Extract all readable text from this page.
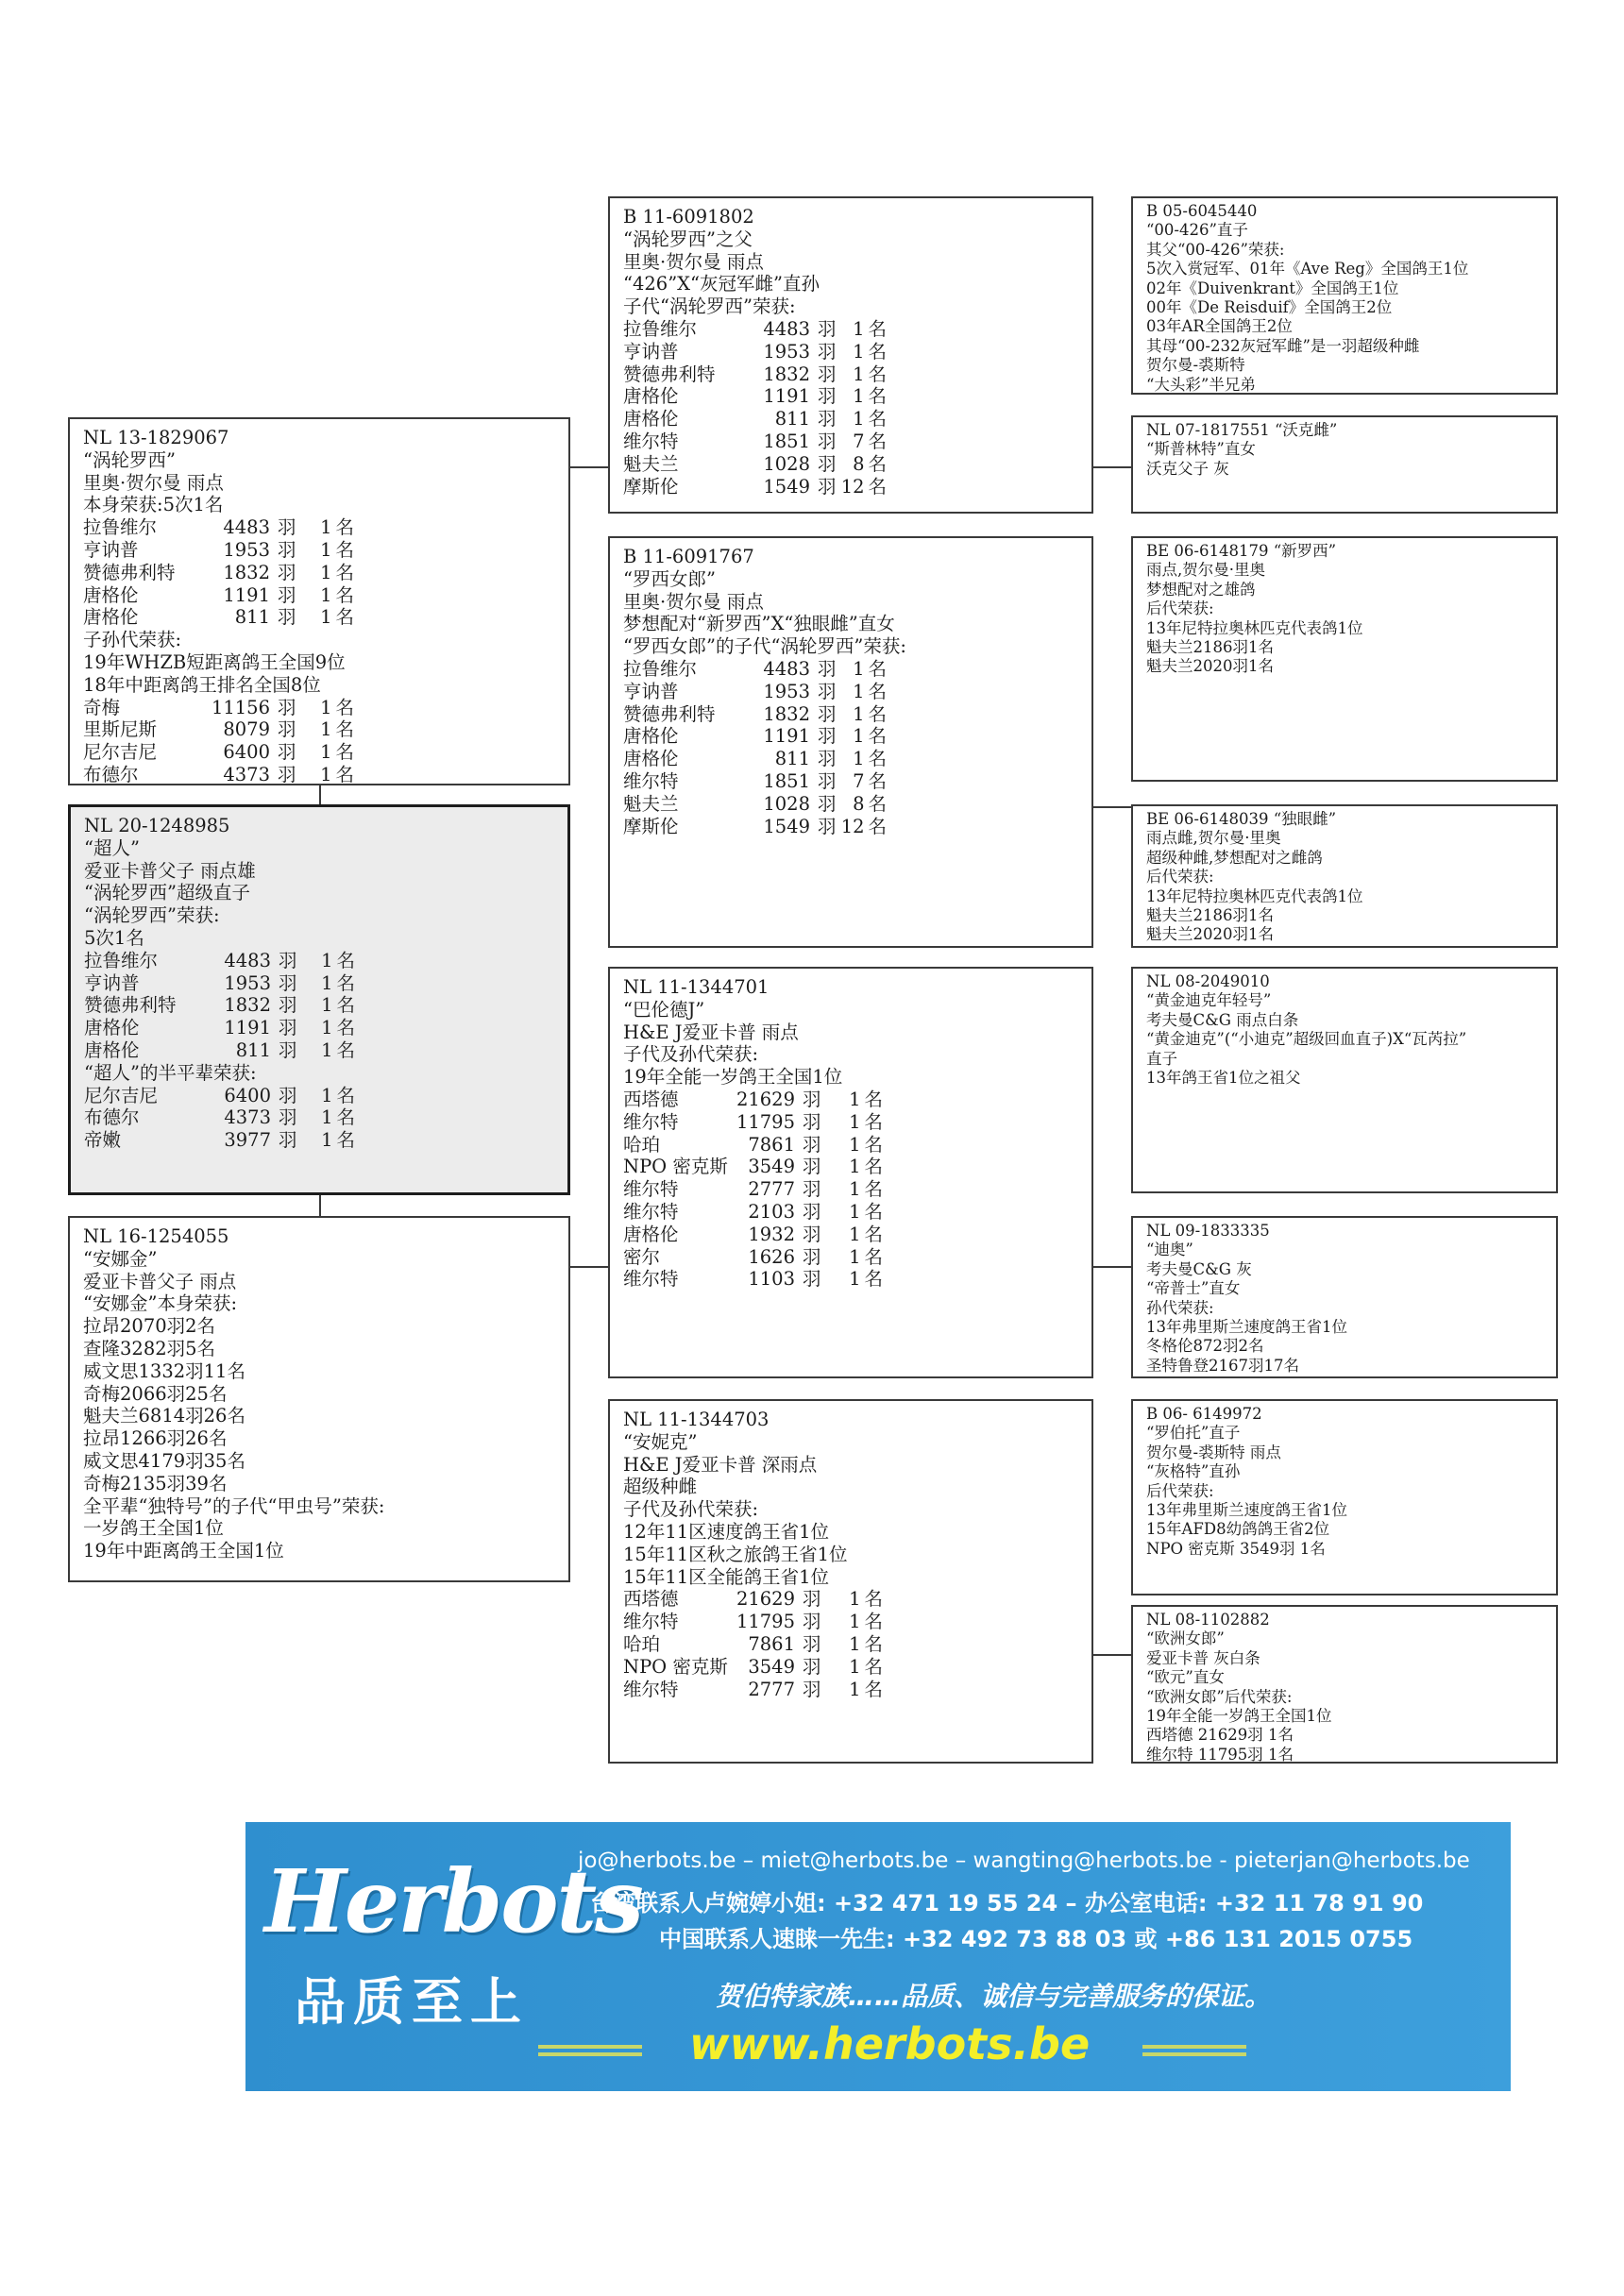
NL 13-1829067
“涡轮罗西”
里奥·贺尔曼 雨点
本身荣获:5次1名
拉鲁维尔	4483 羽	1 名
亨讷普	1953 羽	1 名
赞德弗利特	1832 羽	1 名
唐格伦	1191 羽	1 名
唐格伦	811 羽	1 名
子孙代荣获:
19年WHZB短距离鸽王全国9位
18年中距离鸽王排名全国8位
奇梅	11156 羽	1 名
里斯尼斯	8079 羽	1 名
尼尔吉尼	6400 羽	1 名
布德尔	4373 羽	1 名
NL 20-1248985
“超人”
爱亚卡普父子 雨点雄
“涡轮罗西”超级直子
“涡轮罗西”荣获:
5次1名
拉鲁维尔	4483 羽	1 名
亨讷普	1953 羽	1 名
赞德弗利特	1832 羽	1 名
唐格伦	1191 羽	1 名
唐格伦	811 羽	1 名
“超人”的半平辈荣获:
尼尔吉尼	6400 羽	1 名
布德尔	4373 羽	1 名
帝嫩	3977 羽	1 名
NL 16-1254055
“安娜金”
爱亚卡普父子 雨点
“安娜金”本身荣获:
拉昂2070羽2名
查隆3282羽5名
威文思1332羽11名
奇梅2066羽25名
魁夫兰6814羽26名
拉昂1266羽26名
威文思4179羽35名
奇梅2135羽39名
全平辈“独特号”的子代“甲虫号”荣获:
一岁鸽王全国1位
19年中距离鸽王全国1位
B 11-6091802
“涡轮罗西”之父
里奥·贺尔曼 雨点
“426”X“灰冠军雌”直孙
子代“涡轮罗西”荣获:
拉鲁维尔	4483 羽 1 名
亨讷普	1953 羽 1 名
赞德弗利特	1832 羽 1 名
唐格伦	1191 羽 1 名
唐格伦	811 羽 1 名
维尔特	1851 羽 7 名
魁夫兰	1028 羽 8 名
摩斯伦	1549 羽 12 名
B 11-6091767
“罗西女郎”
里奥·贺尔曼 雨点
梦想配对“新罗西”X“独眼雌”直女
“罗西女郎”的子代“涡轮罗西”荣获:
拉鲁维尔	4483 羽 1 名
亨讷普	1953 羽 1 名
赞德弗利特	1832 羽 1 名
唐格伦	1191 羽 1 名
唐格伦	811 羽 1 名
维尔特	1851 羽 7 名
魁夫兰	1028 羽 8 名
摩斯伦	1549 羽 12 名
NL 11-1344701
“巴伦德J”
H&E J爱亚卡普 雨点
子代及孙代荣获:
19年全能一岁鸽王全国1位
西塔德	21629 羽	1 名
维尔特	11795 羽	1 名
哈珀	7861 羽	1 名
NPO 密克斯	3549 羽	1 名
维尔特	2777 羽	1 名
维尔特	2103 羽	1 名
唐格伦	1932 羽	1 名
密尔	1626 羽	1 名
维尔特	1103 羽	1 名
NL 11-1344703
“安妮克”
H&E J爱亚卡普 深雨点
超级种雌
子代及孙代荣获:
12年11区速度鸽王省1位
15年11区秋之旅鸽王省1位
15年11区全能鸽王省1位
西塔德	21629 羽	1 名
维尔特	11795 羽	1 名
哈珀	7861 羽	1 名
NPO 密克斯	3549 羽	1 名
维尔特	2777 羽	1 名
B 05-6045440
“00-426”直子
其父“00-426”荣获:
5次入赏冠军、01年《Ave Reg》全国鸽王1位
02年《Duivenkrant》全国鸽王1位
00年《De Reisduif》全国鸽王2位
03年AR全国鸽王2位
其母“00-232灰冠军雌”是一羽超级种雌
贺尔曼-裘斯特
“大头彩”半兄弟
NL 07-1817551 “沃克雌”
“斯普林特”直女
沃克父子 灰
BE 06-6148179 “新罗西”
雨点,贺尔曼·里奥
梦想配对之雄鸽
后代荣获:
13年尼特拉奥林匹克代表鸽1位
魁夫兰2186羽1名
魁夫兰2020羽1名
BE 06-6148039 “独眼雌”
雨点雌,贺尔曼·里奥
超级种雌,梦想配对之雌鸽
后代荣获:
13年尼特拉奥林匹克代表鸽1位
魁夫兰2186羽1名
魁夫兰2020羽1名
NL 08-2049010
“黄金迪克年轻号”
考夫曼C&G 雨点白条
“黄金迪克”(“小迪克”超级回血直子)X“瓦芮拉”
直子
13年鸽王省1位之祖父
NL 09-1833335
“迪奥”
考夫曼C&G 灰
“帝普士”直女
孙代荣获:
13年弗里斯兰速度鸽王省1位
冬格伦872羽2名
圣特鲁登2167羽17名
B 06- 6149972
“罗伯托”直子
贺尔曼-裘斯特 雨点
“灰格特”直孙
后代荣获:
13年弗里斯兰速度鸽王省1位
15年AFD8幼鸽鸽王省2位
NPO 密克斯 3549羽 1名
NL 08-1102882
“欧洲女郎”
爱亚卡普 灰白条
“欧元”直女
“欧洲女郎”后代荣获:
19年全能一岁鸽王全国1位
西塔德 21629羽 1名
维尔特 11795羽 1名
Herbots
品质至上
jo@herbots.be – miet@herbots.be – wangting@herbots.be - pieterjan@herbots.be
台湾联系人卢婉婷小姐: +32 471 19 55 24 – 办公室电话: +32 11 78 91 90
中国联系人速睐一先生: +32 492 73 88 03 或 +86 131 2015 0755
贺伯特家族……品质、诚信与完善服务的保证。
www.herbots.be
